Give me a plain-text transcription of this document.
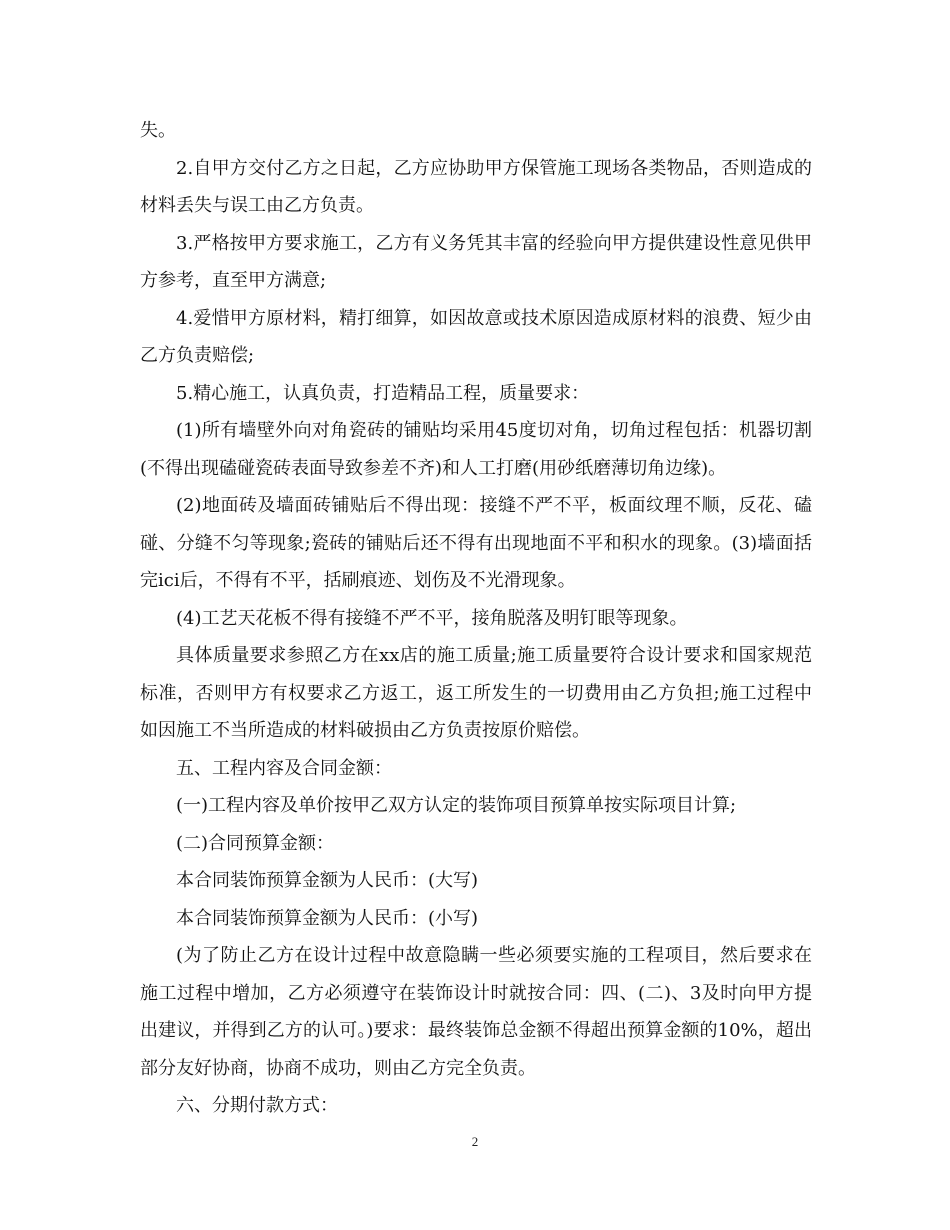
失。

2.自甲方交付乙方之日起，乙方应协助甲方保管施工现场各类物品，否则造成的材料丢失与误工由乙方负责。

3.严格按甲方要求施工，乙方有义务凭其丰富的经验向甲方提供建设性意见供甲方参考，直至甲方满意;

4.爱惜甲方原材料，精打细算，如因故意或技术原因造成原材料的浪费、短少由乙方负责赔偿;

5.精心施工，认真负责，打造精品工程，质量要求：

(1)所有墙壁外向对角瓷砖的铺贴均采用45度切对角，切角过程包括：机器切割(不得出现磕碰瓷砖表面导致参差不齐)和人工打磨(用砂纸磨薄切角边缘)。

(2)地面砖及墙面砖铺贴后不得出现：接缝不严不平，板面纹理不顺，反花、磕碰、分缝不匀等现象;瓷砖的铺贴后还不得有出现地面不平和积水的现象。(3)墙面括完ici后，不得有不平，括刷痕迹、划伤及不光滑现象。

(4)工艺天花板不得有接缝不严不平，接角脱落及明钉眼等现象。

具体质量要求参照乙方在xx店的施工质量;施工质量要符合设计要求和国家规范标准，否则甲方有权要求乙方返工，返工所发生的一切费用由乙方负担;施工过程中如因施工不当所造成的材料破损由乙方负责按原价赔偿。

五、工程内容及合同金额：

(一)工程内容及单价按甲乙双方认定的装饰项目预算单按实际项目计算;

(二)合同预算金额：

本合同装饰预算金额为人民币：(大写)

本合同装饰预算金额为人民币：(小写)

(为了防止乙方在设计过程中故意隐瞒一些必须要实施的工程项目，然后要求在施工过程中增加，乙方必须遵守在装饰设计时就按合同：四、(二)、3及时向甲方提出建议，并得到乙方的认可。)要求：最终装饰总金额不得超出预算金额的10%，超出部分友好协商，协商不成功，则由乙方完全负责。

六、分期付款方式：

2
